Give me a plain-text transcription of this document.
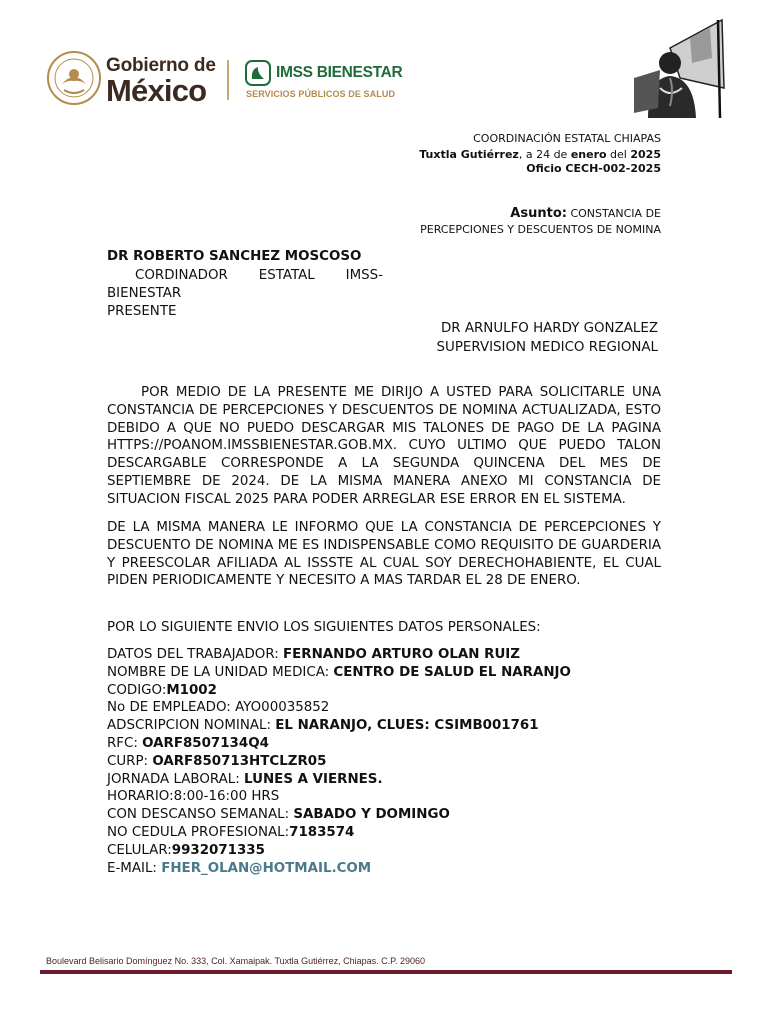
Gobierno de
México
IMSS BIENESTAR
SERVICIOS PÚBLICOS DE SALUD
COORDINACIÓN ESTATAL CHIAPAS
Tuxtla Gutiérrez, a 24 de enero del 2025
Oficio CECH-002-2025
Asunto: CONSTANCIA DE
PERCEPCIONES Y DESCUENTOS DE NOMINA
DR ROBERTO SANCHEZ MOSCOSO
CORDINADOR ESTATAL IMSS-
BIENESTAR
PRESENTE
DR ARNULFO HARDY GONZALEZ
SUPERVISION MEDICO REGIONAL
POR MEDIO DE LA PRESENTE ME DIRIJO A USTED PARA SOLICITARLE UNA CONSTANCIA DE PERCEPCIONES Y DESCUENTOS DE NOMINA ACTUALIZADA, ESTO DEBIDO A QUE NO PUEDO DESCARGAR MIS TALONES DE PAGO DE LA PAGINA HTTPS://POANOM.IMSSBIENESTAR.GOB.MX. CUYO ULTIMO QUE PUEDO TALON DESCARGABLE CORRESPONDE A LA SEGUNDA QUINCENA DEL MES DE SEPTIEMBRE DE 2024. DE LA MISMA MANERA ANEXO MI CONSTANCIA DE SITUACION FISCAL 2025 PARA PODER ARREGLAR ESE ERROR EN EL SISTEMA.
DE LA MISMA MANERA LE INFORMO QUE LA CONSTANCIA DE PERCEPCIONES Y DESCUENTO DE NOMINA ME ES INDISPENSABLE COMO REQUISITO DE GUARDERIA Y PREESCOLAR AFILIADA AL ISSSTE AL CUAL SOY DERECHOHABIENTE, EL CUAL PIDEN PERIODICAMENTE Y NECESITO A MAS TARDAR EL 28 DE ENERO.
POR LO SIGUIENTE ENVIO LOS SIGUIENTES DATOS PERSONALES:
DATOS DEL TRABAJADOR: FERNANDO ARTURO OLAN RUIZ
NOMBRE DE LA UNIDAD MEDICA: CENTRO DE SALUD EL NARANJO
CODIGO:M1002
No DE EMPLEADO: AYO00035852
ADSCRIPCION NOMINAL: EL NARANJO, CLUES: CSIMB001761
RFC: OARF8507134Q4
CURP: OARF850713HTCLZR05
JORNADA LABORAL: LUNES A VIERNES.
HORARIO:8:00-16:00 HRS
CON DESCANSO SEMANAL: SABADO Y DOMINGO
NO CEDULA PROFESIONAL:7183574
CELULAR:9932071335
E-MAIL: FHER_OLAN@HOTMAIL.COM
Boulevard Belisario Domínguez No. 333, Col. Xamaipak. Tuxtla Gutiérrez, Chiapas. C.P. 29060
